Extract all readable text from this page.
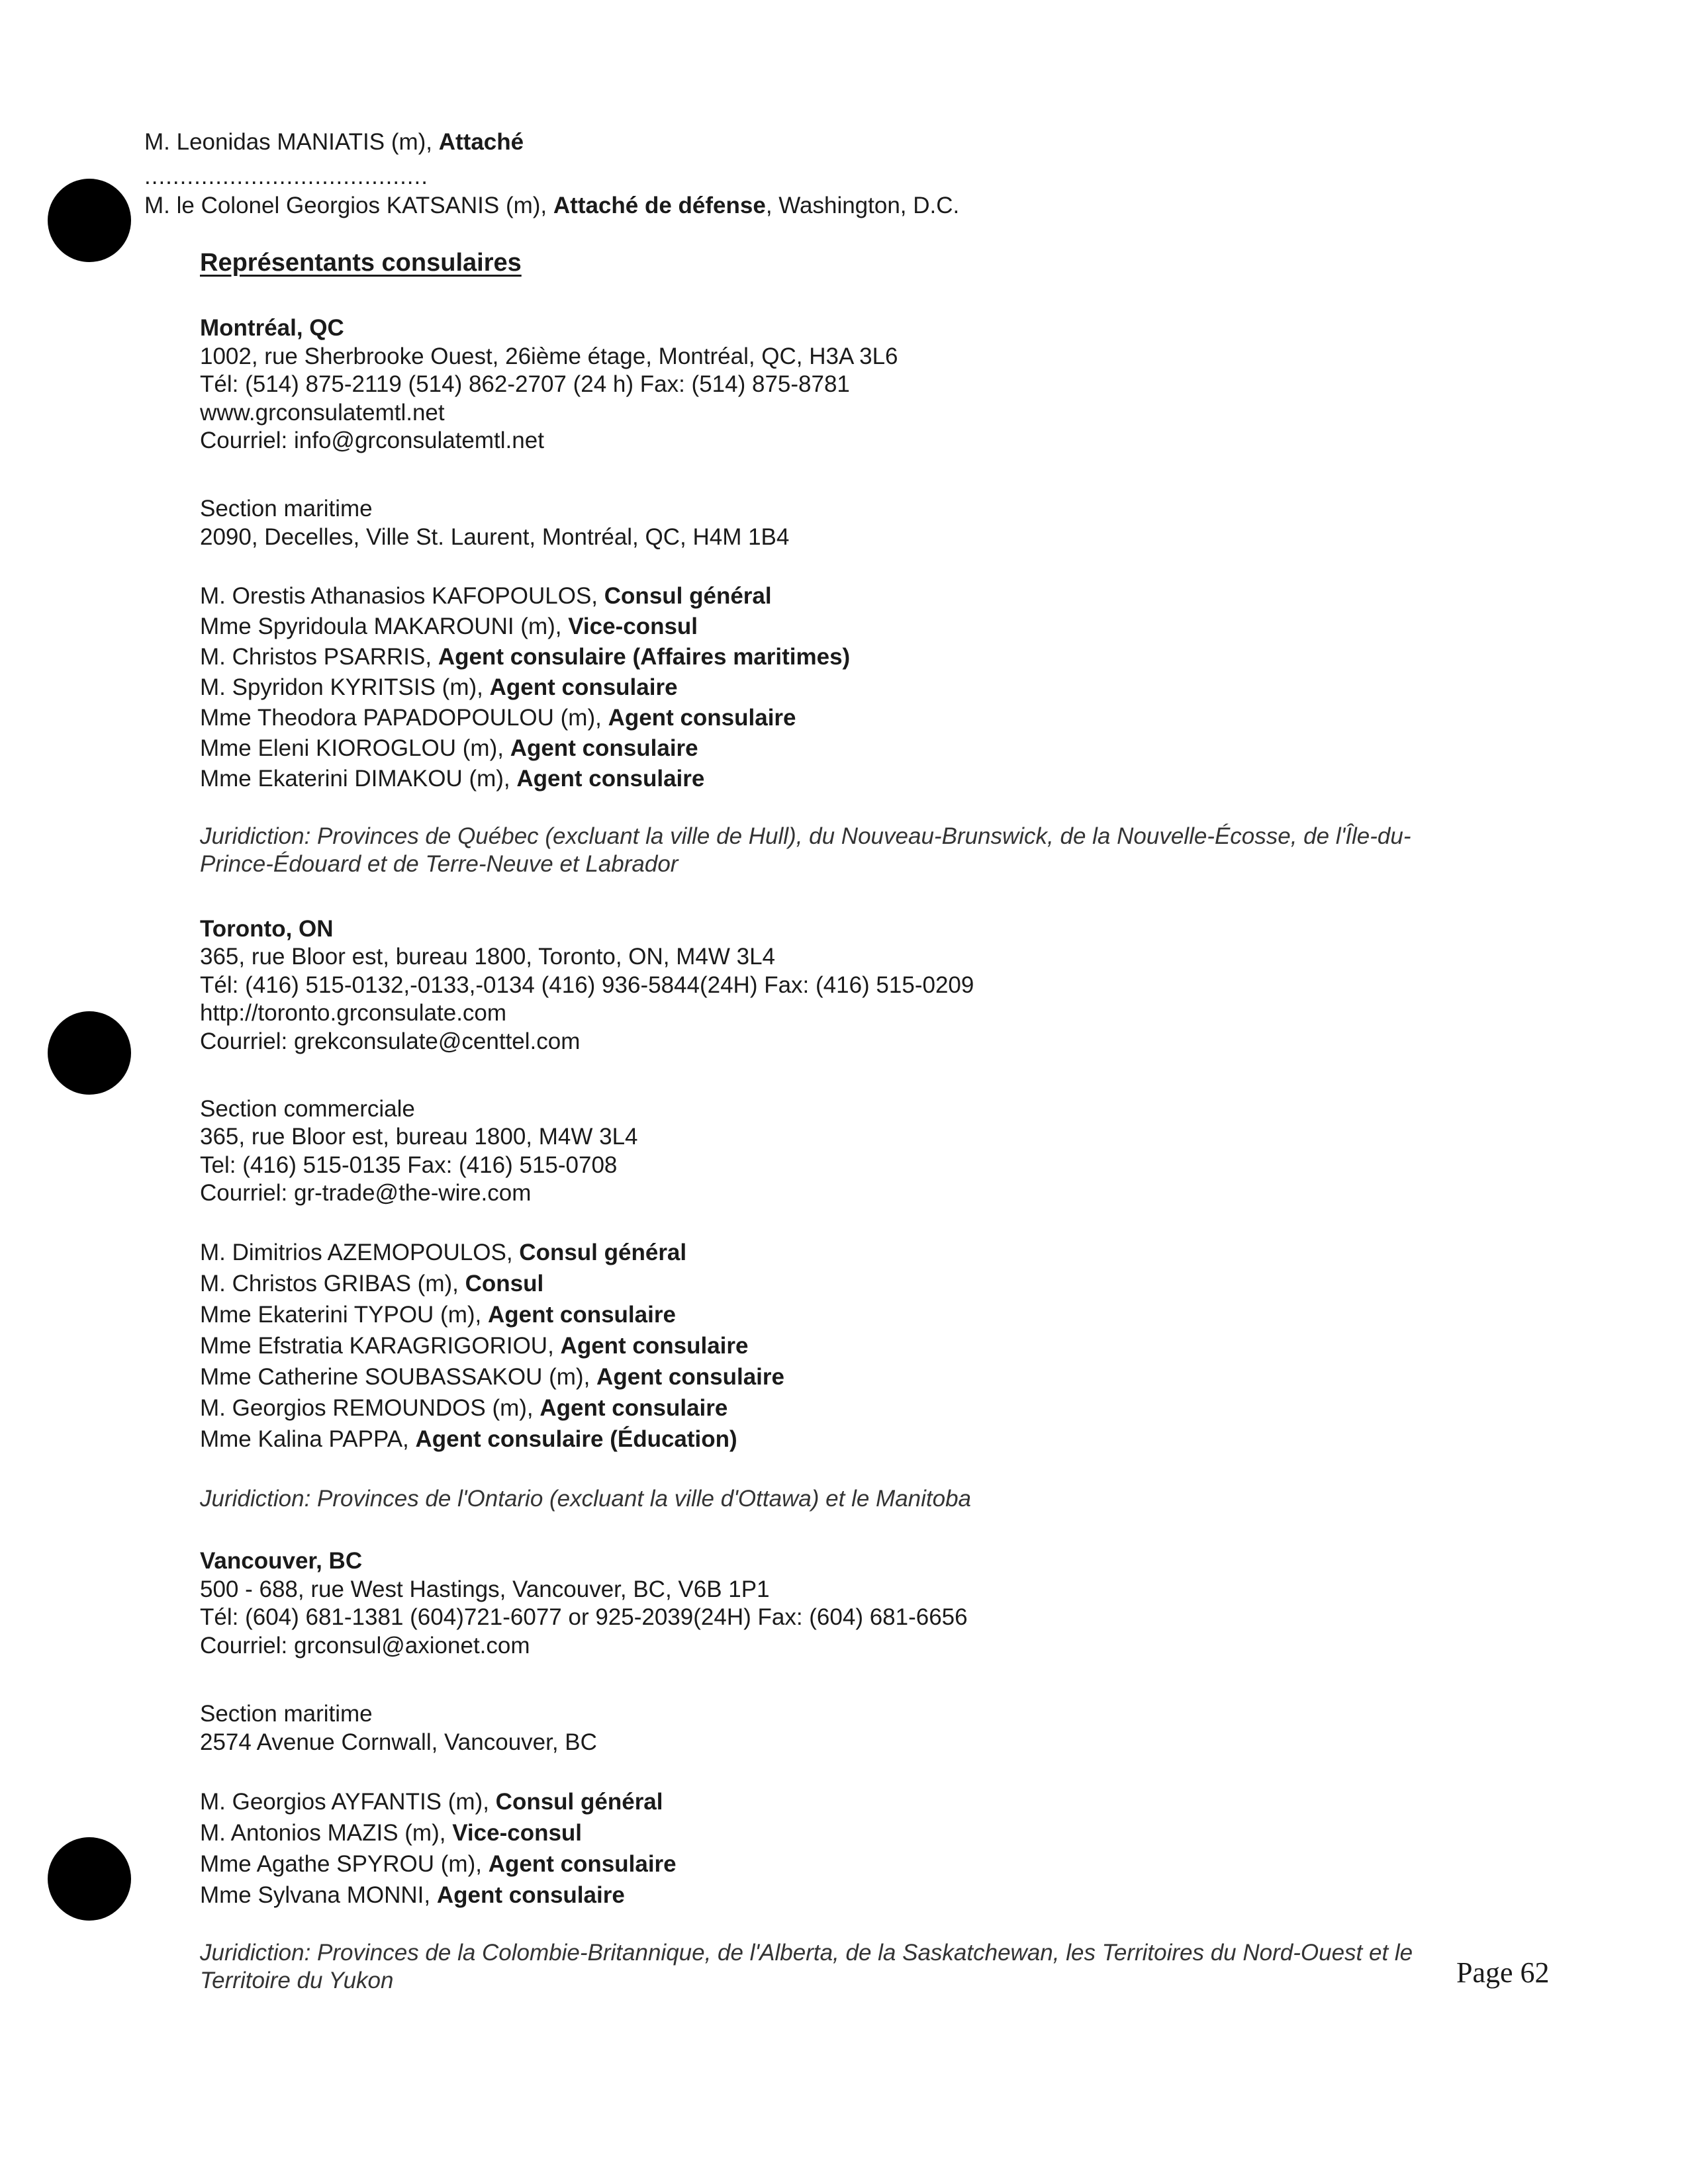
M. Leonidas MANIATIS (m), Attaché

........................................

M. le Colonel Georgios KATSANIS (m), Attaché de défense, Washington, D.C.

Représentants consulaires

Montréal, QC

1002, rue Sherbrooke Ouest, 26ième étage, Montréal, QC, H3A 3L6

Tél: (514) 875-2119 (514) 862-2707 (24 h) Fax: (514) 875-8781

www.grconsulatemtl.net

Courriel: info@grconsulatemtl.net

Section maritime

2090, Decelles, Ville St. Laurent, Montréal, QC, H4M 1B4

M. Orestis Athanasios KAFOPOULOS, Consul général

Mme Spyridoula MAKAROUNI (m), Vice-consul

M. Christos PSARRIS, Agent consulaire (Affaires maritimes)

M. Spyridon KYRITSIS (m), Agent consulaire

Mme Theodora PAPADOPOULOU (m), Agent consulaire

Mme Eleni KIOROGLOU (m), Agent consulaire

Mme Ekaterini DIMAKOU (m), Agent consulaire

Juridiction: Provinces de Québec (excluant la ville de Hull), du Nouveau-Brunswick, de la Nouvelle-Écosse, de l'Île-du-

Prince-Édouard et de Terre-Neuve et Labrador

Toronto, ON

365, rue Bloor est, bureau 1800, Toronto, ON, M4W 3L4

Tél: (416) 515-0132,-0133,-0134 (416) 936-5844(24H) Fax: (416) 515-0209

http://toronto.grconsulate.com

Courriel: grekconsulate@centtel.com

Section commerciale

365, rue Bloor est, bureau 1800, M4W 3L4

Tel: (416) 515-0135 Fax: (416) 515-0708

Courriel: gr-trade@the-wire.com

M. Dimitrios AZEMOPOULOS, Consul général

M. Christos GRIBAS (m), Consul

Mme Ekaterini TYPOU (m), Agent consulaire

Mme Efstratia KARAGRIGORIOU, Agent consulaire

Mme Catherine SOUBASSAKOU (m), Agent consulaire

M. Georgios REMOUNDOS (m), Agent consulaire

Mme Kalina PAPPA, Agent consulaire (Éducation)

Juridiction: Provinces de l'Ontario (excluant la ville d'Ottawa) et le Manitoba

Vancouver, BC

500 - 688, rue West Hastings, Vancouver, BC, V6B 1P1

Tél: (604) 681-1381 (604)721-6077 or 925-2039(24H) Fax: (604) 681-6656

Courriel: grconsul@axionet.com

Section maritime

2574 Avenue Cornwall, Vancouver, BC

M. Georgios AYFANTIS (m), Consul général

M. Antonios MAZIS (m), Vice-consul

Mme Agathe SPYROU (m), Agent consulaire

Mme Sylvana MONNI, Agent consulaire

Juridiction: Provinces de la Colombie-Britannique, de l'Alberta, de la Saskatchewan, les Territoires du Nord-Ouest et le

Territoire du Yukon	Page 62
